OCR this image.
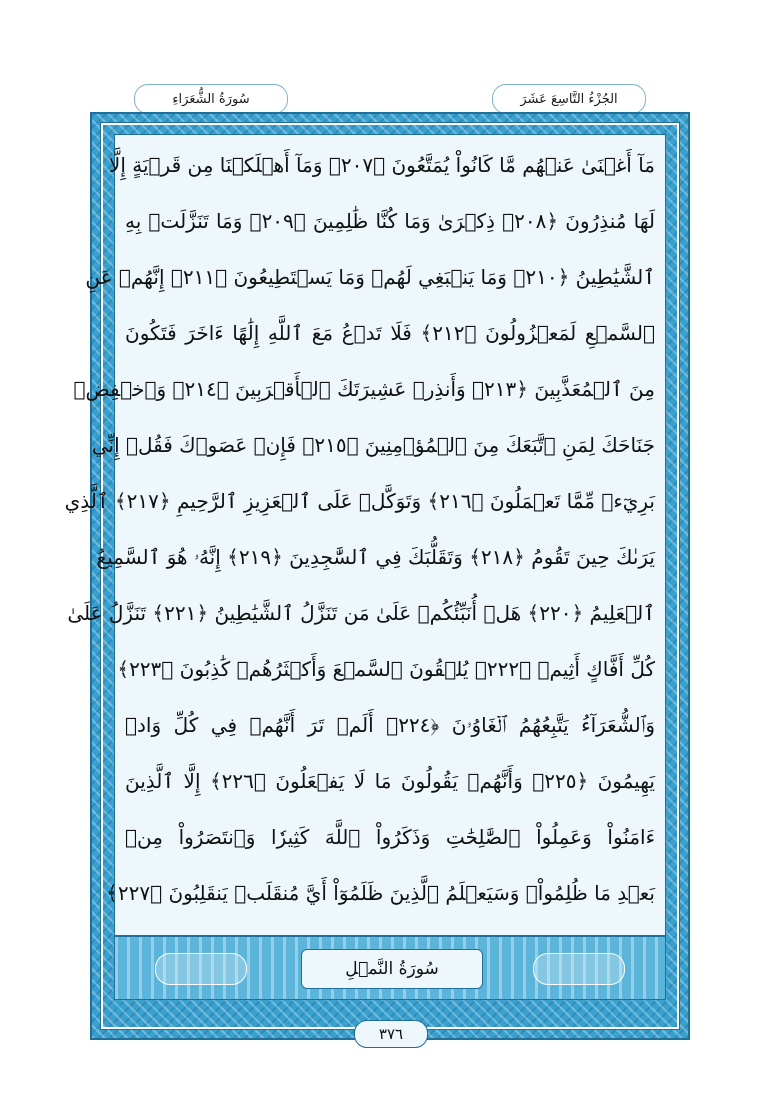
سُورَةُ الشُّعَرَاءِ	الجُزْءُ التَّاسِعَ عَشَرَ
مَآ أَغۡنَىٰ عَنۡهُم مَّا كَانُواْ يُمَتَّعُونَ ﴿٢٠٧﴾ وَمَآ أَهۡلَكۡنَا مِن قَرۡيَةٍ إِلَّا
لَهَا مُنذِرُونَ ﴿٢٠٨﴾ ذِكۡرَىٰ وَمَا كُنَّا ظَٰلِمِينَ ﴿٢٠٩﴾ وَمَا تَنَزَّلَتۡ بِهِ
ٱلشَّيَٰطِينُ ﴿٢١٠﴾ وَمَا يَنۢبَغِي لَهُمۡ وَمَا يَسۡتَطِيعُونَ ﴿٢١١﴾ إِنَّهُمۡ عَنِ
ٱلسَّمۡعِ لَمَعۡزُولُونَ ﴿٢١٢﴾ فَلَا تَدۡعُ مَعَ ٱللَّهِ إِلَٰهًا ءَاخَرَ فَتَكُونَ
مِنَ ٱلۡمُعَذَّبِينَ ﴿٢١٣﴾ وَأَنذِرۡ عَشِيرَتَكَ ٱلۡأَقۡرَبِينَ ﴿٢١٤﴾ وَٱخۡفِضۡ
جَنَاحَكَ لِمَنِ ٱتَّبَعَكَ مِنَ ٱلۡمُؤۡمِنِينَ ﴿٢١٥﴾ فَإِنۡ عَصَوۡكَ فَقُلۡ إِنِّي
بَرِيٓءٞ مِّمَّا تَعۡمَلُونَ ﴿٢١٦﴾ وَتَوَكَّلۡ عَلَى ٱلۡعَزِيزِ ٱلرَّحِيمِ ﴿٢١٧﴾ ٱلَّذِي
يَرَىٰكَ حِينَ تَقُومُ ﴿٢١٨﴾ وَتَقَلُّبَكَ فِي ٱلسَّٰجِدِينَ ﴿٢١٩﴾ إِنَّهُۥ هُوَ ٱلسَّمِيعُ
ٱلۡعَلِيمُ ﴿٢٢٠﴾ هَلۡ أُنَبِّئُكُمۡ عَلَىٰ مَن تَنَزَّلُ ٱلشَّيَٰطِينُ ﴿٢٢١﴾ تَنَزَّلُ عَلَىٰ
كُلِّ أَفَّاكٍ أَثِيمٖ ﴿٢٢٢﴾ يُلۡقُونَ ٱلسَّمۡعَ وَأَكۡثَرُهُمۡ كَٰذِبُونَ ﴿٢٢٣﴾
وَٱلشُّعَرَآءُ يَتَّبِعُهُمُ ٱلۡغَاوُۥنَ ﴿٢٢٤﴾ أَلَمۡ تَرَ أَنَّهُمۡ فِي كُلِّ وَادٖ
يَهِيمُونَ ﴿٢٢٥﴾ وَأَنَّهُمۡ يَقُولُونَ مَا لَا يَفۡعَلُونَ ﴿٢٢٦﴾ إِلَّا ٱلَّذِينَ
ءَامَنُواْ وَعَمِلُواْ ٱلصَّٰلِحَٰتِ وَذَكَرُواْ ٱللَّهَ كَثِيرٗا وَٱنتَصَرُواْ مِنۢ
بَعۡدِ مَا ظُلِمُواْۗ وَسَيَعۡلَمُ ٱلَّذِينَ ظَلَمُوٓاْ أَيَّ مُنقَلَبٖ يَنقَلِبُونَ ﴿٢٢٧﴾
سُورَةُ النَّمۡلِ
٣٧٦
